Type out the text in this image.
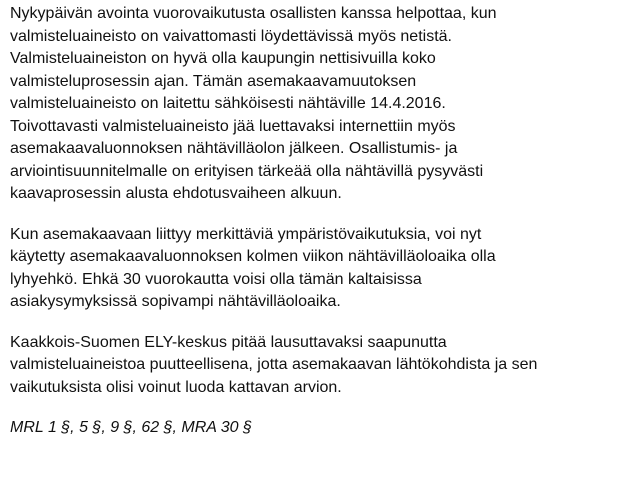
Nykypäivän avointa vuorovaikutusta osallisten kanssa helpottaa, kun
valmisteluaineisto on vaivattomasti löydettävissä myös netistä.
Valmisteluaineiston on hyvä olla kaupungin nettisivuilla koko
valmisteluprosessin ajan. Tämän asemakaavamuutoksen
valmisteluaineisto on laitettu sähköisesti nähtäville 14.4.2016.
Toivottavasti valmisteluaineisto jää luettavaksi internettiin myös
asemakaavaluonnoksen nähtävilläolon jälkeen. Osallistumis- ja
arviointisuunnitelmalle on erityisen tärkeää olla nähtävillä pysyvästi
kaavaprosessin alusta ehdotusvaiheen alkuun.

Kun asemakaavaan liittyy merkittäviä ympäristövaikutuksia, voi nyt
käytetty asemakaavaluonnoksen kolmen viikon nähtävilläoloaika olla
lyhyehkö. Ehkä 30 vuorokautta voisi olla tämän kaltaisissa
asiakysymyksissä sopivampi nähtävilläoloaika.

Kaakkois-Suomen ELY-keskus pitää lausuttavaksi saapunutta
valmisteluaineistoa puutteellisena, jotta asemakaavan lähtökohdista ja sen
vaikutuksista olisi voinut luoda kattavan arvion.

MRL 1 §, 5 §, 9 §, 62 §, MRA 30 §
